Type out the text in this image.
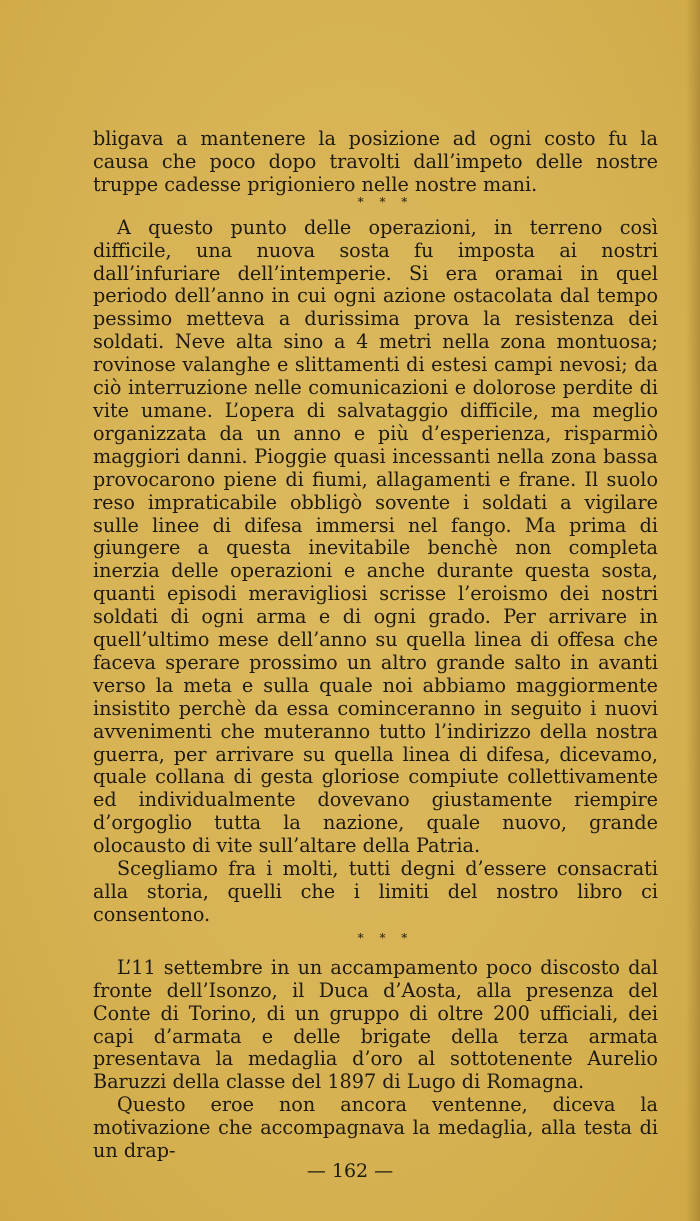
bligava a mantenere la posizione ad ogni costo fu la causa che poco dopo travolti dall’impeto delle nostre truppe cadesse prigioniero nelle nostre mani.

* * *

A questo punto delle operazioni, in terreno così difficile, una nuova sosta fu imposta ai nostri dall’infuriare dell’intemperie. Si era oramai in quel periodo dell’anno in cui ogni azione ostacolata dal tempo pessimo metteva a durissima prova la resistenza dei soldati. Neve alta sino a 4 metri nella zona montuosa; rovinose valanghe e slittamenti di estesi campi nevosi; da ciò interruzione nelle comunicazioni e dolorose perdite di vite umane. L’opera di salvataggio difficile, ma meglio organizzata da un anno e più d’esperienza, risparmiò maggiori danni. Pioggie quasi incessanti nella zona bassa provocarono piene di fiumi, allagamenti e frane. Il suolo reso impraticabile obbligò sovente i soldati a vigilare sulle linee di difesa immersi nel fango. Ma prima di giungere a questa inevitabile benchè non completa inerzia delle operazioni e anche durante questa sosta, quanti episodi meravigliosi scrisse l’eroismo dei nostri soldati di ogni arma e di ogni grado. Per arrivare in quell’ultimo mese dell’anno su quella linea di offesa che faceva sperare prossimo un altro grande salto in avanti verso la meta e sulla quale noi abbiamo maggiormente insistito perchè da essa cominceranno in seguito i nuovi avvenimenti che muteranno tutto l’indirizzo della nostra guerra, per arrivare su quella linea di difesa, dicevamo, quale collana di gesta gloriose compiute collettivamente ed individualmente dovevano giustamente riempire d’orgoglio tutta la nazione, quale nuovo, grande olocausto di vite sull’altare della Patria.

Scegliamo fra i molti, tutti degni d’essere consacrati alla storia, quelli che i limiti del nostro libro ci consentono.

* * *

L’11 settembre in un accampamento poco discosto dal fronte dell’Isonzo, il Duca d’Aosta, alla presenza del Conte di Torino, di un gruppo di oltre 200 ufficiali, dei capi d’armata e delle brigate della terza armata presentava la medaglia d’oro al sottotenente Aurelio Baruzzi della classe del 1897 di Lugo di Romagna.

Questo eroe non ancora ventenne, diceva la motivazione che accompagnava la medaglia, alla testa di un drap-

— 162 —
